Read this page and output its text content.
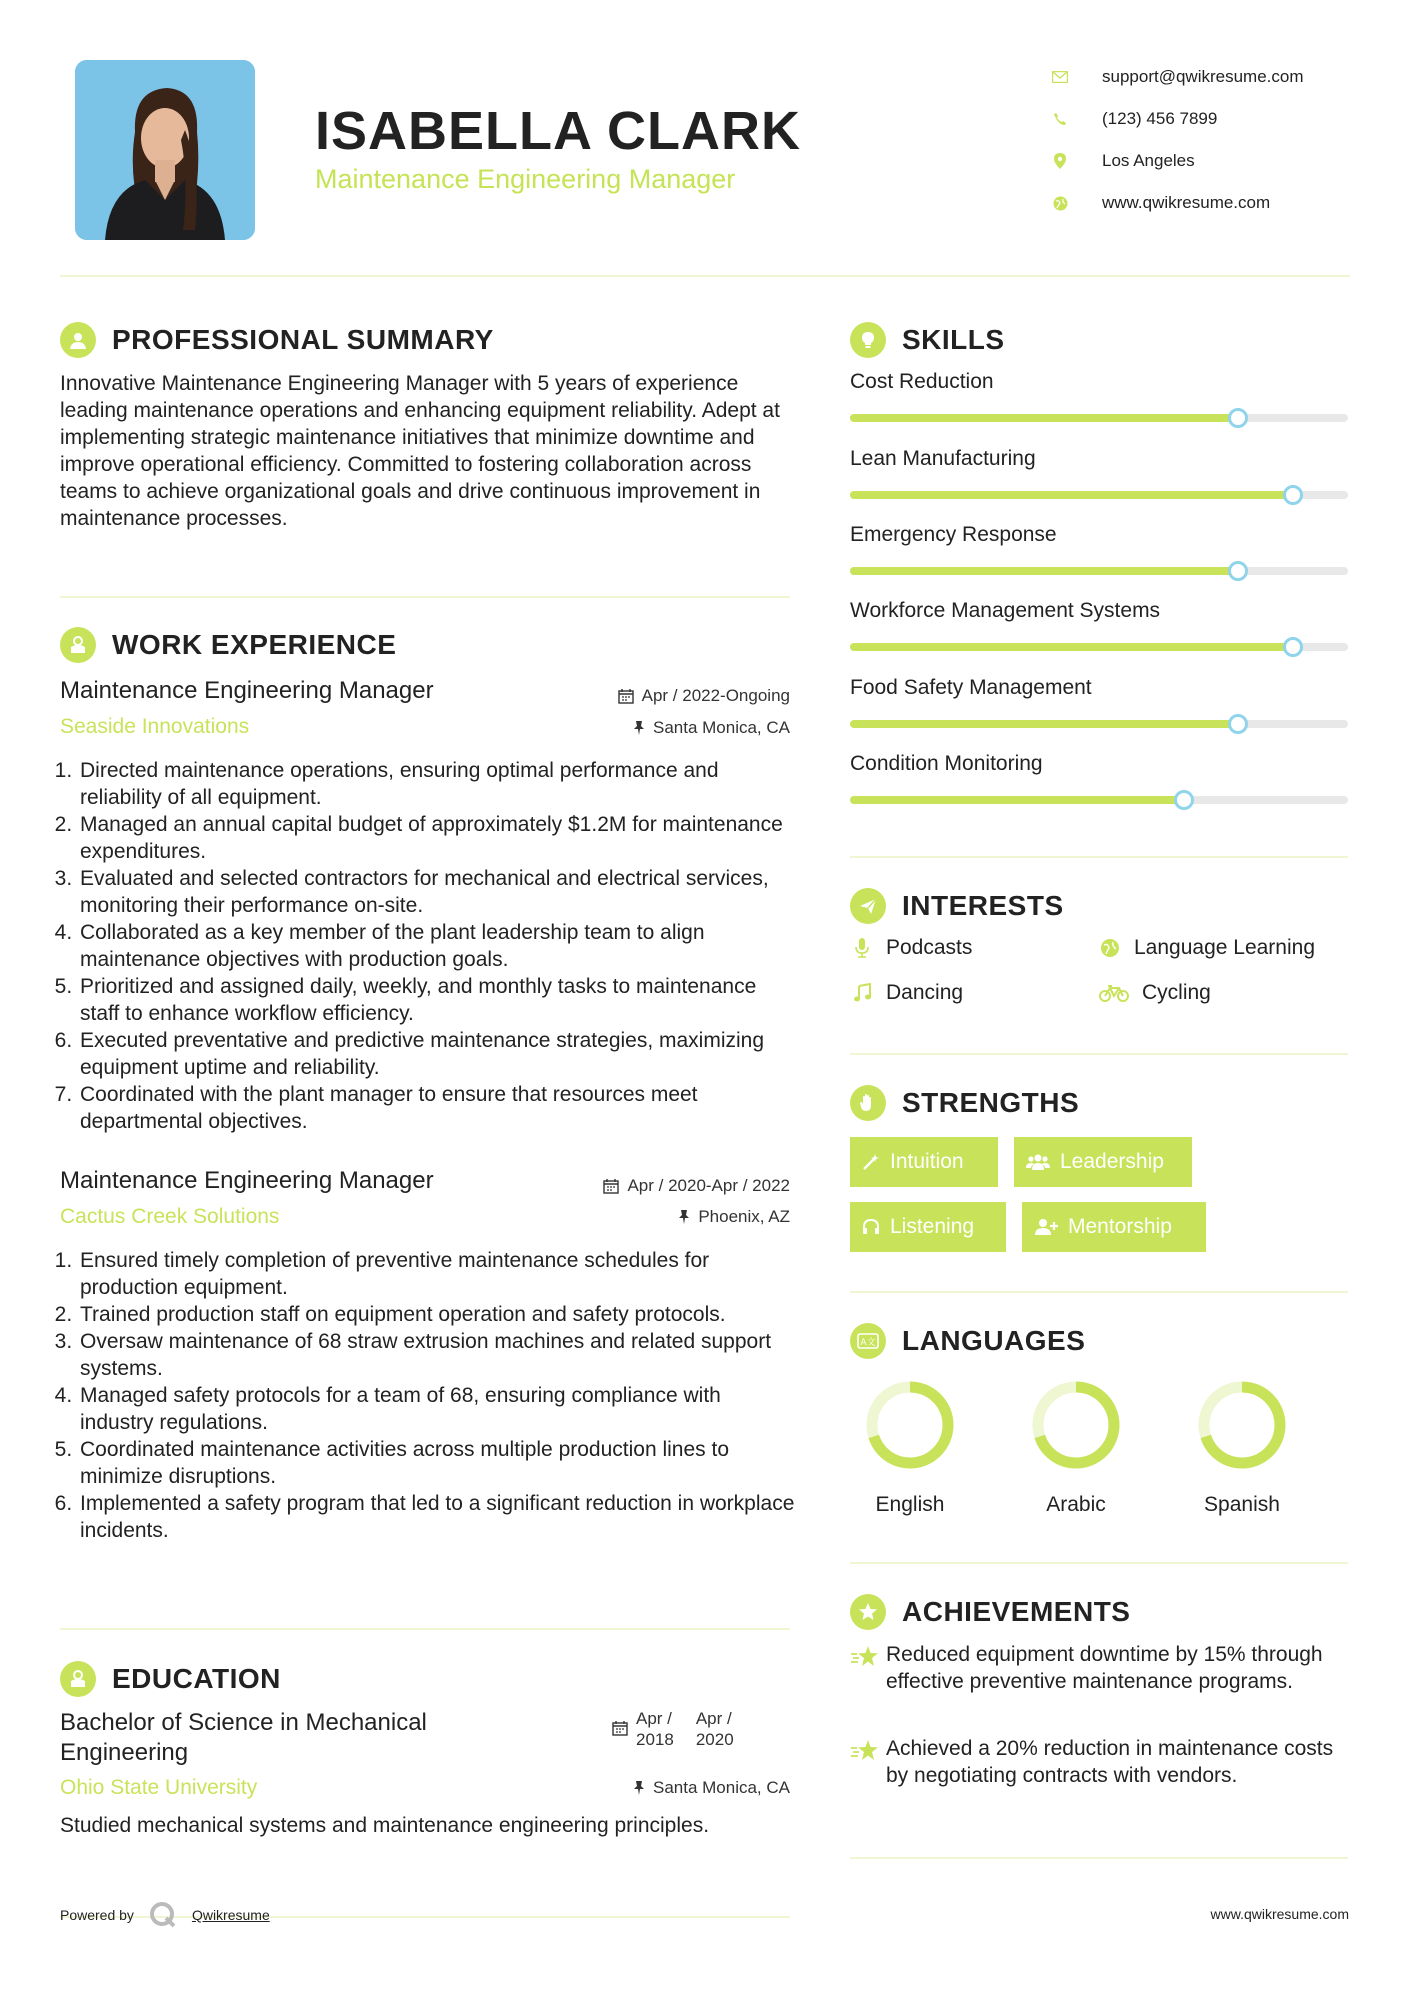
ISABELLA CLARK
Maintenance Engineering Manager
support@qwikresume.com
(123) 456 7899
Los Angeles
www.qwikresume.com
PROFESSIONAL SUMMARY
Innovative Maintenance Engineering Manager with 5 years of experience leading maintenance operations and enhancing equipment reliability. Adept at implementing strategic maintenance initiatives that minimize downtime and improve operational efficiency. Committed to fostering collaboration across teams to achieve organizational goals and drive continuous improvement in maintenance processes.
WORK EXPERIENCE
Maintenance Engineering Manager	Apr / 2022-Ongoing
Seaside Innovations	Santa Monica, CA
1. Directed maintenance operations, ensuring optimal performance and reliability of all equipment.
2. Managed an annual capital budget of approximately $1.2M for maintenance expenditures.
3. Evaluated and selected contractors for mechanical and electrical services, monitoring their performance on-site.
4. Collaborated as a key member of the plant leadership team to align maintenance objectives with production goals.
5. Prioritized and assigned daily, weekly, and monthly tasks to maintenance staff to enhance workflow efficiency.
6. Executed preventative and predictive maintenance strategies, maximizing equipment uptime and reliability.
7. Coordinated with the plant manager to ensure that resources meet departmental objectives.
Maintenance Engineering Manager	Apr / 2020-Apr / 2022
Cactus Creek Solutions	Phoenix, AZ
1. Ensured timely completion of preventive maintenance schedules for production equipment.
2. Trained production staff on equipment operation and safety protocols.
3. Oversaw maintenance of 68 straw extrusion machines and related support systems.
4. Managed safety protocols for a team of 68, ensuring compliance with industry regulations.
5. Coordinated maintenance activities across multiple production lines to minimize disruptions.
6. Implemented a safety program that led to a significant reduction in workplace incidents.
EDUCATION
Bachelor of Science in Mechanical
Engineering
Apr /
2018
Apr /
2020
Ohio State University	Santa Monica, CA
Studied mechanical systems and maintenance engineering principles.
SKILLS
Cost Reduction
Lean Manufacturing
Emergency Response
Workforce Management Systems
Food Safety Management
Condition Monitoring
INTERESTS
Podcasts	Language Learning
Dancing	Cycling
STRENGTHS
Intuition	Leadership
Listening	Mentorship
A文 LANGUAGES
English	Arabic	Spanish
ACHIEVEMENTS
Reduced equipment downtime by 15% through effective preventive maintenance programs.
Achieved a 20% reduction in maintenance costs by negotiating contracts with vendors.
Powered by	Qwikresume	www.qwikresume.com
